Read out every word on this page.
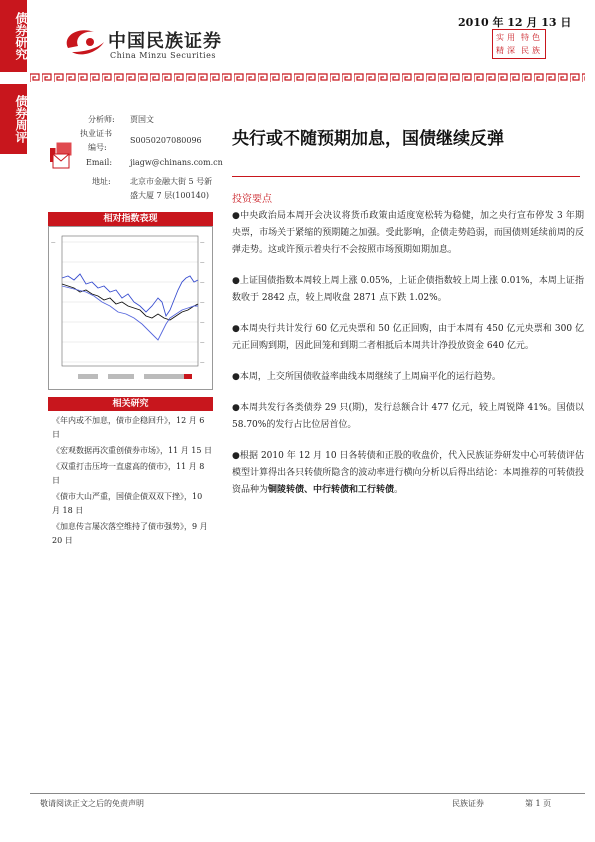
债券研究
债券周评
中国民族证券
China Minzu Securities
2010 年 12 月 13 日
实
精
用
深
特
民
色
族
分析师: 贾国文
执业证书
编号:
S0050207080096
Email: jiagw@chinans.com.cn
地址: 北京市金融大街 5 号新
盛大厦 7 层(100140)
相对指数表现
—	—
—
—
—
—
—
—
相关研究
《年内或不加息，债市企稳回升》，12 月 6 日
《宏观数据再次重创债券市场》，11 月 15 日
《双重打击压垮一直虚高的债市》，11 月 8 日
《债市大山严重，国债企债双双下挫》，10 月 18 日
《加息传言屡次落空维持了债市强势》，9 月 20 日
央行或不随预期加息，国债继续反弹
投资要点

●中央政治局本周开会决议将货币政策由适度宽松转为稳健，加之央行宣布停发 3 年期央票，市场关于紧缩的预期随之加强。受此影响，企债走势趋弱，而国债则延续前周的反弹走势。这或许预示着央行不会按照市场预期如期加息。

●上证国债指数本周较上周上涨 0.05%，上证企债指数较上周上涨 0.01%，本周上证指数收于 2842 点，较上周收盘 2871 点下跌 1.02%。

●本周央行共计发行 60 亿元央票和 50 亿正回购，由于本周有 450 亿元央票和 300 亿元正回购到期，因此回笼和到期二者相抵后本周共计净投放资金 640 亿元。

●本周，上交所国债收益率曲线本周继续了上周扁平化的运行趋势。

●本周共发行各类债券 29 只(期)，发行总额合计 477 亿元，较上周锐降 41%。国债以 58.70%的发行占比位居首位。

●根据 2010 年 12 月 10 日各转债和正股的收盘价，代入民族证券研发中心可转债评估模型计算得出各只转债所隐含的波动率进行横向分析以后得出结论：本周推荐的可转债投资品种为铜陵转债、中行转债和工行转债。

敬请阅读正文之后的免责声明	民族证券	第 1 页
